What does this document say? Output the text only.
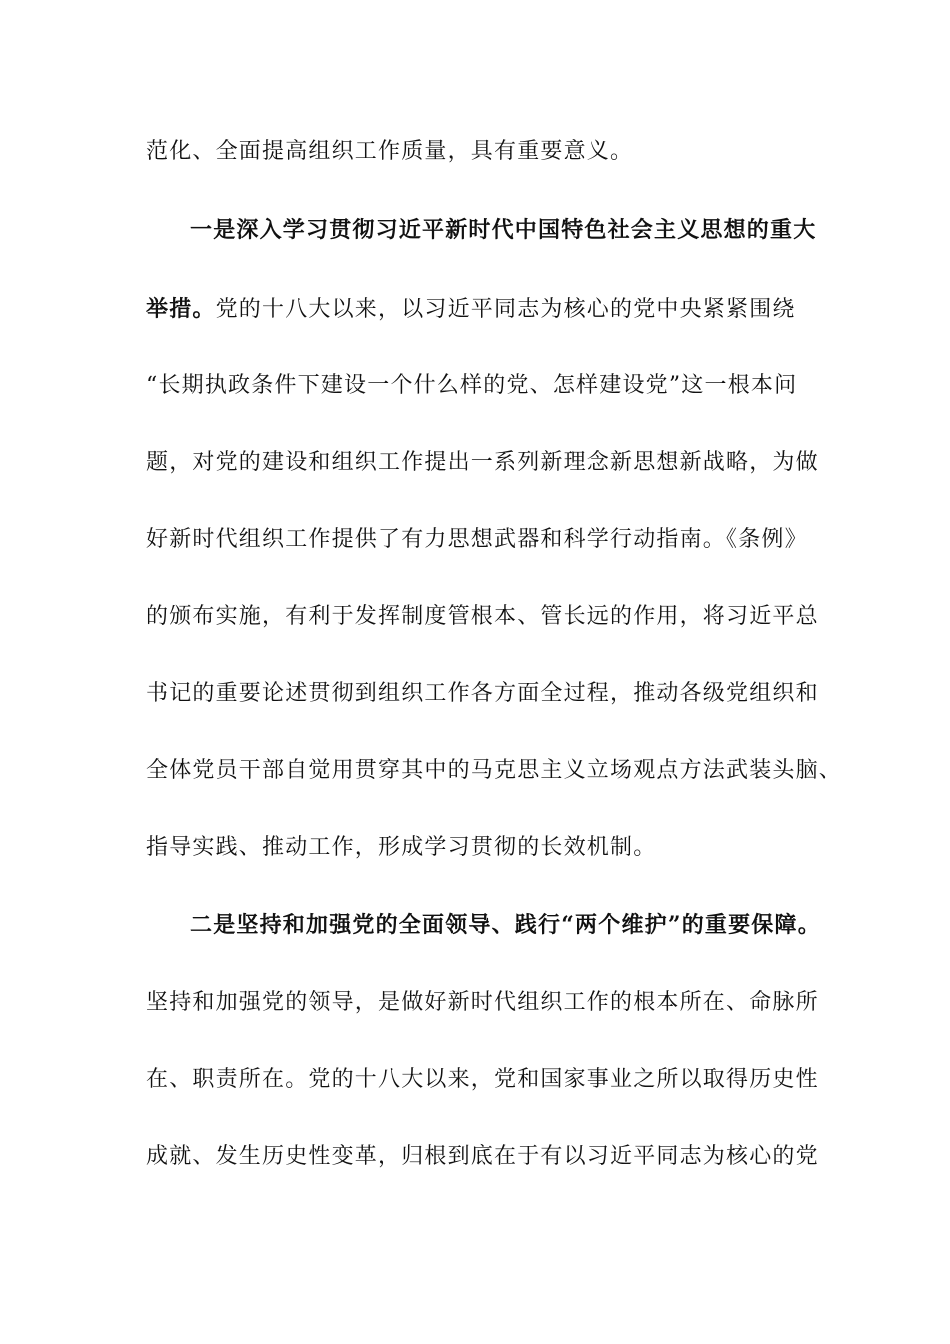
范化、全面提高组织工作质量，具有重要意义。
一是深入学习贯彻习近平新时代中国特色社会主义思想的重大
举措。党的十八大以来，以习近平同志为核心的党中央紧紧围绕
“长期执政条件下建设一个什么样的党、怎样建设党”这一根本问
题，对党的建设和组织工作提出一系列新理念新思想新战略，为做
好新时代组织工作提供了有力思想武器和科学行动指南。《条例》
的颁布实施，有利于发挥制度管根本、管长远的作用，将习近平总
书记的重要论述贯彻到组织工作各方面全过程，推动各级党组织和
全体党员干部自觉用贯穿其中的马克思主义立场观点方法武装头脑、
指导实践、推动工作，形成学习贯彻的长效机制。
二是坚持和加强党的全面领导、践行“两个维护”的重要保障。
坚持和加强党的领导，是做好新时代组织工作的根本所在、命脉所
在、职责所在。党的十八大以来，党和国家事业之所以取得历史性
成就、发生历史性变革，归根到底在于有以习近平同志为核心的党
